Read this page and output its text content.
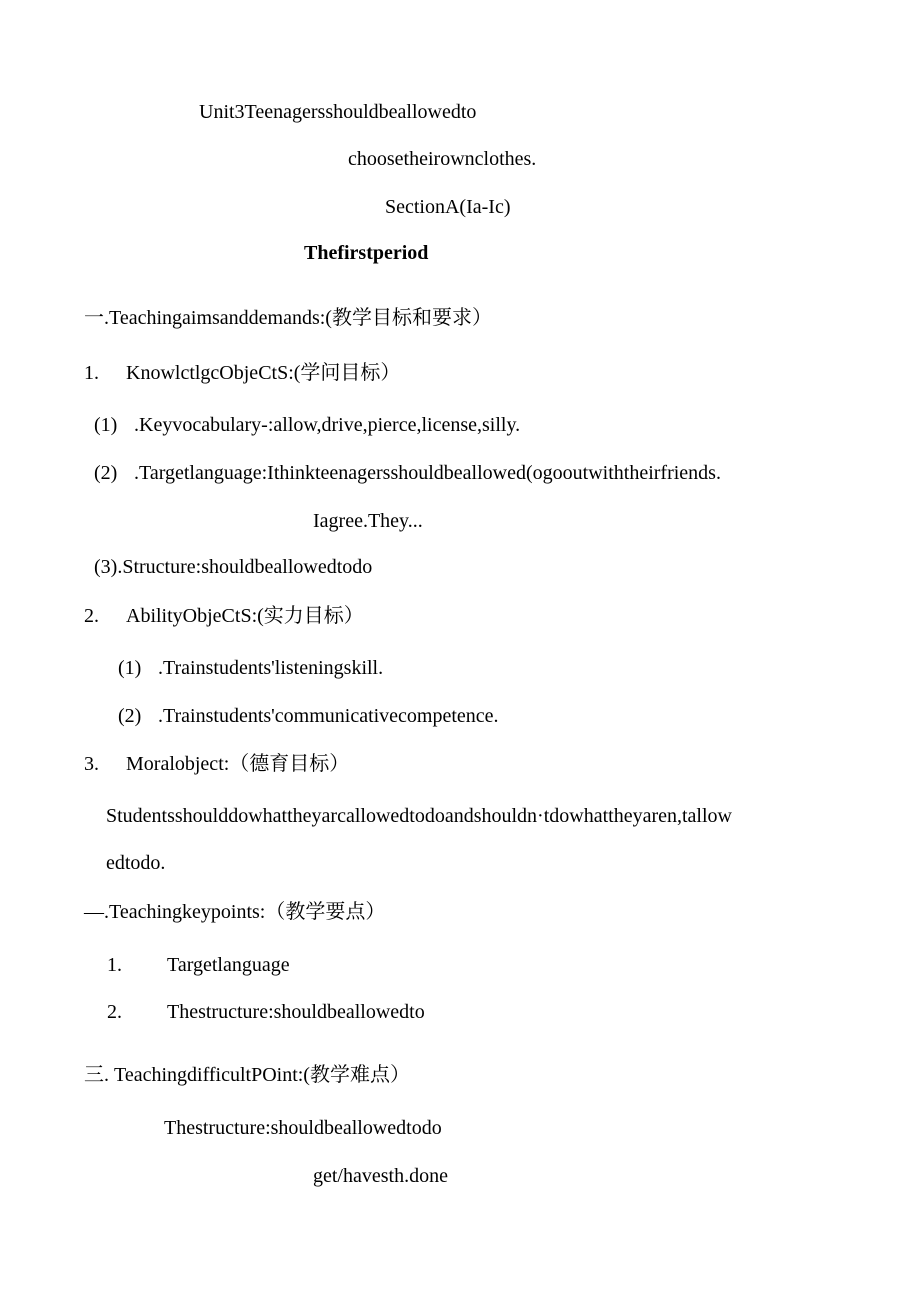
Unit3Teenagersshouldbeallowedto
choosetheirownclothes.
SectionA(Ia-Ic)
Thefirstperiod
一.Teachingaimsanddemands:(教学目标和要求）
1. KnowlctlgcObjeCtS:(学问目标）
(1) .Keyvocabulary-:allow,drive,pierce,license,silly.
(2) .Targetlanguage:Ithinkteenagersshouldbeallowed(ogooutwiththeirfriends.
Iagree.They...
(3).Structure:shouldbeallowedtodo
2. AbilityObjeCtS:(实力目标）
(1) .Trainstudents'listeningskill.
(2) .Trainstudents'communicativecompetence.
3. Moralobject:（德育目标）
Studentsshoulddowhattheyarcallowedtodoandshouldn·tdowhattheyaren,tallow
edtodo.
—.Teachingkeypoints:（教学要点）
1. Targetlanguage
2. Thestructure:shouldbeallowedto
三. TeachingdifficultPOint:(教学难点）
Thestructure:shouldbeallowedtodo
get/havesth.done
